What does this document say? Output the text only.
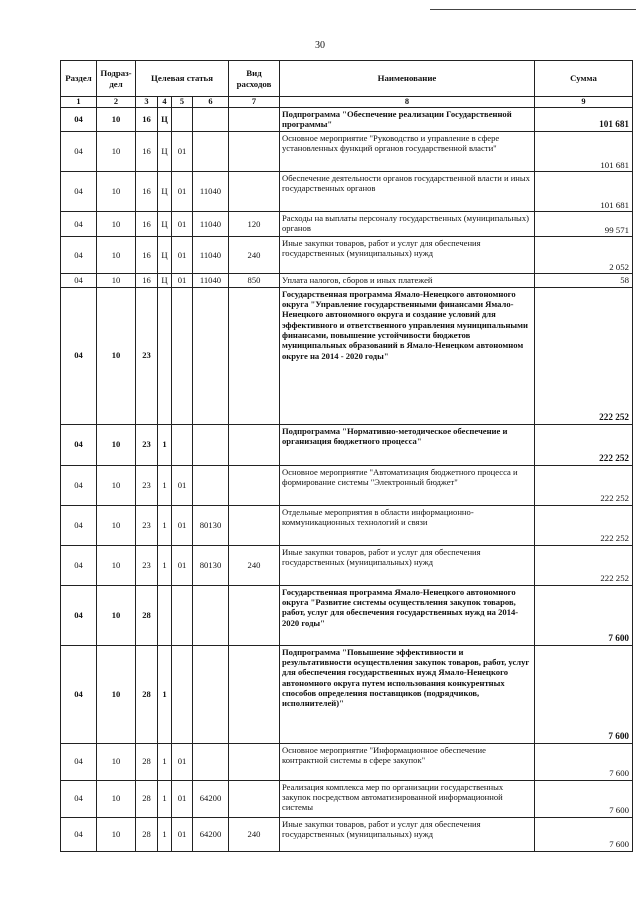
30
Раздел	Подраз-дел	Целевая статья				Вид расходов	Наименование	Сумма
1	2	3	4	5	6	7	8	9
04	10	16	Ц				Подпрограмма "Обеспечение реализации Государственной программы"	101 681
04	10	16	Ц	01			Основное мероприятие "Руководство и управление в сфере установленных функций органов государственной власти"	101 681
04	10	16	Ц	01	11040		Обеспечение деятельности органов государственной власти и иных государственных органов	101 681
04	10	16	Ц	01	11040	120	Расходы на выплаты персоналу государственных (муниципальных) органов	99 571
04	10	16	Ц	01	11040	240	Иные закупки товаров, работ и услуг для обеспечения государственных (муниципальных) нужд	2 052
04	10	16	Ц	01	11040	850	Уплата налогов, сборов и иных платежей	58
04	10	23					Государственная программа Ямало-Ненецкого автономного округа "Управление государственными финансами Ямало-Ненецкого автономного округа и создание условий для эффективного и ответственного управления муниципальными финансами, повышение устойчивости бюджетов муниципальных образований в Ямало-Ненецком автономном округе на 2014 - 2020 годы"	222 252
04	10	23	1				Подпрограмма "Нормативно-методическое обеспечение и организация бюджетного процесса"	222 252
04	10	23	1	01			Основное мероприятие "Автоматизация бюджетного процесса и формирование системы "Электронный бюджет"	222 252
04	10	23	1	01	80130		Отдельные мероприятия в области информационно-коммуникационных технологий и связи	222 252
04	10	23	1	01	80130	240	Иные закупки товаров, работ и услуг для обеспечения государственных (муниципальных) нужд	222 252
04	10	28					Государственная программа Ямало-Ненецкого автономного округа "Развитие системы осуществления закупок товаров, работ, услуг для обеспечения государственных нужд на 2014-2020 годы"	7 600
04	10	28	1				Подпрограмма "Повышение эффективности и результативности осуществления закупок товаров, работ, услуг для обеспечения государственных нужд Ямало-Ненецкого автономного округа путем использования конкурентных способов определения поставщиков (подрядчиков, исполнителей)"	7 600
04	10	28	1	01			Основное мероприятие "Информационное обеспечение контрактной системы в сфере закупок"	7 600
04	10	28	1	01	64200		Реализация комплекса мер по организации государственных закупок посредством автоматизированной информационной системы	7 600
04	10	28	1	01	64200	240	Иные закупки товаров, работ и услуг для обеспечения государственных (муниципальных) нужд	7 600
